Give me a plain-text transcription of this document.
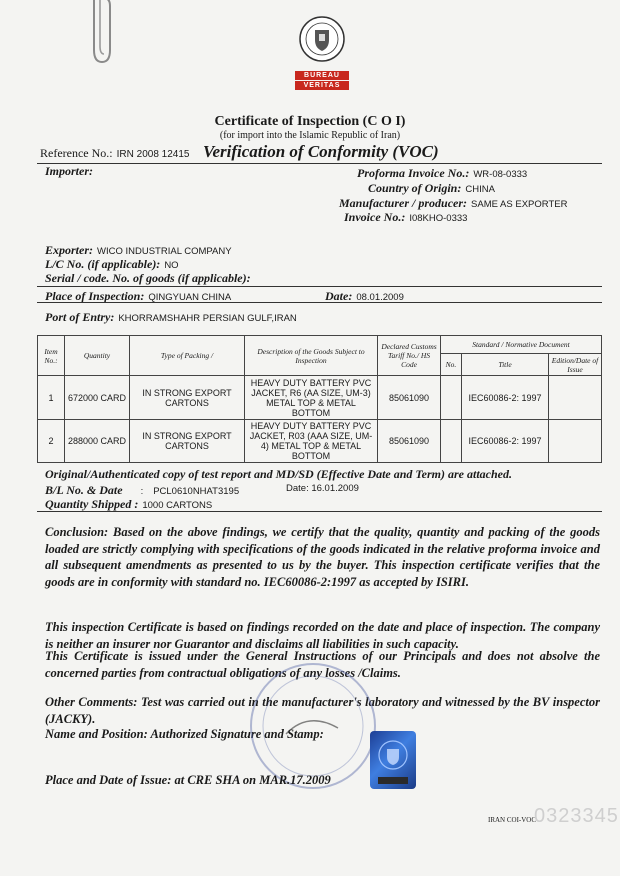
BUREAU
VERITAS
Certificate of Inspection (C O I)
(for import into the Islamic Republic of Iran)
Reference No.: IRN 2008 12415 Verification of Conformity (VOC)
Importer:	Proforma Invoice No.: WR-08-0333
Country of Origin: CHINA
Manufacturer / producer: SAME AS EXPORTER
Invoice No.: I08KHO-0333
Exporter: WICO INDUSTRIAL COMPANY
L/C No. (if applicable): NO
Serial / code. No. of goods (if applicable):
Place of Inspection: QINGYUAN CHINA	Date: 08.01.2009
Port of Entry: KHORRAMSHAHR PERSIAN GULF,IRAN
Item No.:	Quantity	Type of Packing /	Description of the Goods Subject to Inspection	Declared Customs Tariff No./ HS Code	Standard / Normative Document		
					No.	Title	Edition/Date of Issue
1	672000 CARD	IN STRONG EXPORT CARTONS	HEAVY DUTY BATTERY PVC JACKET, R6 (AA SIZE, UM-3) METAL TOP & METAL BOTTOM	85061090		IEC60086-2: 1997	
2	288000 CARD	IN STRONG EXPORT CARTONS	HEAVY DUTY BATTERY PVC JACKET, R03 (AAA SIZE, UM-4) METAL TOP & METAL BOTTOM	85061090		IEC60086-2: 1997	
Original/Authenticated copy of test report and MD/SD (Effective Date and Term) are attached.
B/L No. & Date : PCL0610NHAT3195	Date: 16.01.2009
Quantity Shipped : 1000 CARTONS
Conclusion: Based on the above findings, we certify that the quality, quantity and packing of the goods loaded are strictly complying with specifications of the goods indicated in the relative proforma invoice and all subsequent amendments as presented to us by the buyer. This inspection certificate verifies that the goods are in conformity with standard no. IEC60086-2:1997 as accepted by ISIRI.
This inspection Certificate is based on findings recorded on the date and place of inspection. The company is neither an insurer nor Guarantor and disclaims all liabilities in such capacity.
This Certificate is issued under the General Instructions of our Principals and does not absolve the concerned parties from contractual obligations of any losses /Claims.
Other Comments: Test was carried out in the manufacturer's laboratory and witnessed by the BV inspector (JACKY).
Name and Position: Authorized Signature and Stamp:
Place and Date of Issue: at CRE SHA on MAR.17.2009
IRAN COI-VOC-
0323345
